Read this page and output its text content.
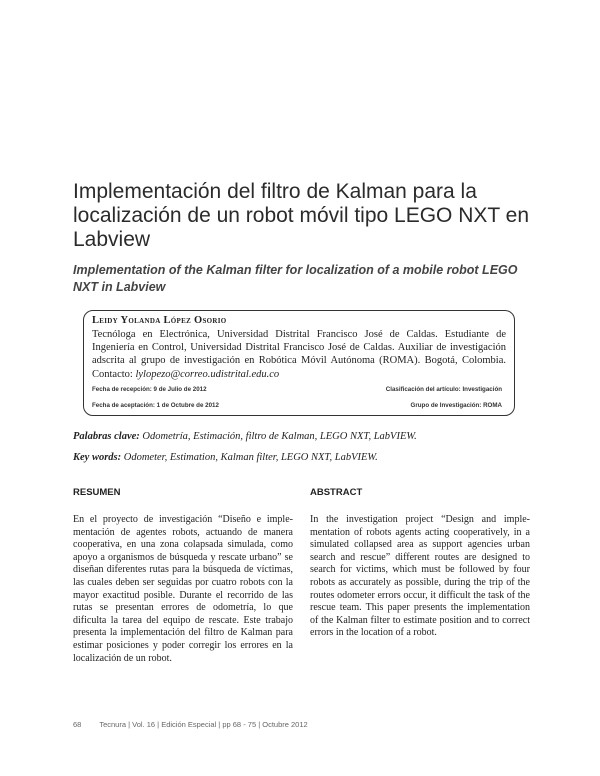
Implementación del filtro de Kalman para la localización de un robot móvil tipo LEGO NXT en Labview
Implementation of the Kalman filter for localization of a mobile robot LEGO NXT in Labview
Leidy Yolanda López Osorio
Tecnóloga en Electrónica, Universidad Distrital Francisco José de Caldas. Estudiante de Ingeniería en Control, Universidad Distrital Francisco José de Caldas. Auxiliar de investigación adscrita al grupo de investigación en Robótica Móvil Autónoma (ROMA). Bogotá, Colombia. Contacto: lylopezo@correo.udistrital.edu.co
Fecha de recepción: 9 de Julio de 2012	Clasificación del artículo: Investigación
Fecha de aceptación: 1 de Octubre de 2012	Grupo de Investigación: ROMA
Palabras clave: Odometría, Estimación, filtro de Kalman, LEGO NXT, LabVIEW.
Key words: Odometer, Estimation, Kalman filter, LEGO NXT, LabVIEW.
RESUMEN

En el proyecto de investigación “Diseño e implementación de agentes robots, actuando de manera cooperativa, en una zona colapsada simulada, como apoyo a organismos de búsqueda y rescate urbano” se diseñan diferentes rutas para la búsqueda de víctimas, las cuales deben ser seguidas por cuatro robots con la mayor exactitud posible. Durante el recorrido de las rutas se presentan errores de odometría, lo que dificulta la tarea del equipo de rescate. Este trabajo presenta la implementación del filtro de Kalman para estimar posiciones y poder corregir los errores en la localización de un robot.

ABSTRACT

In the investigation project “Design and implementation of robots agents acting cooperatively, in a simulated collapsed area as support agencies urban search and rescue” different routes are designed to search for victims, which must be followed by four robots as accurately as possible, during the trip of the routes odometer errors occur, it difficult the task of the rescue team. This paper presents the implementation of the Kalman filter to estimate position and to correct errors in the location of a robot.

68 Tecnura | Vol. 16 | Edición Especial | pp 68 - 75 | Octubre 2012
